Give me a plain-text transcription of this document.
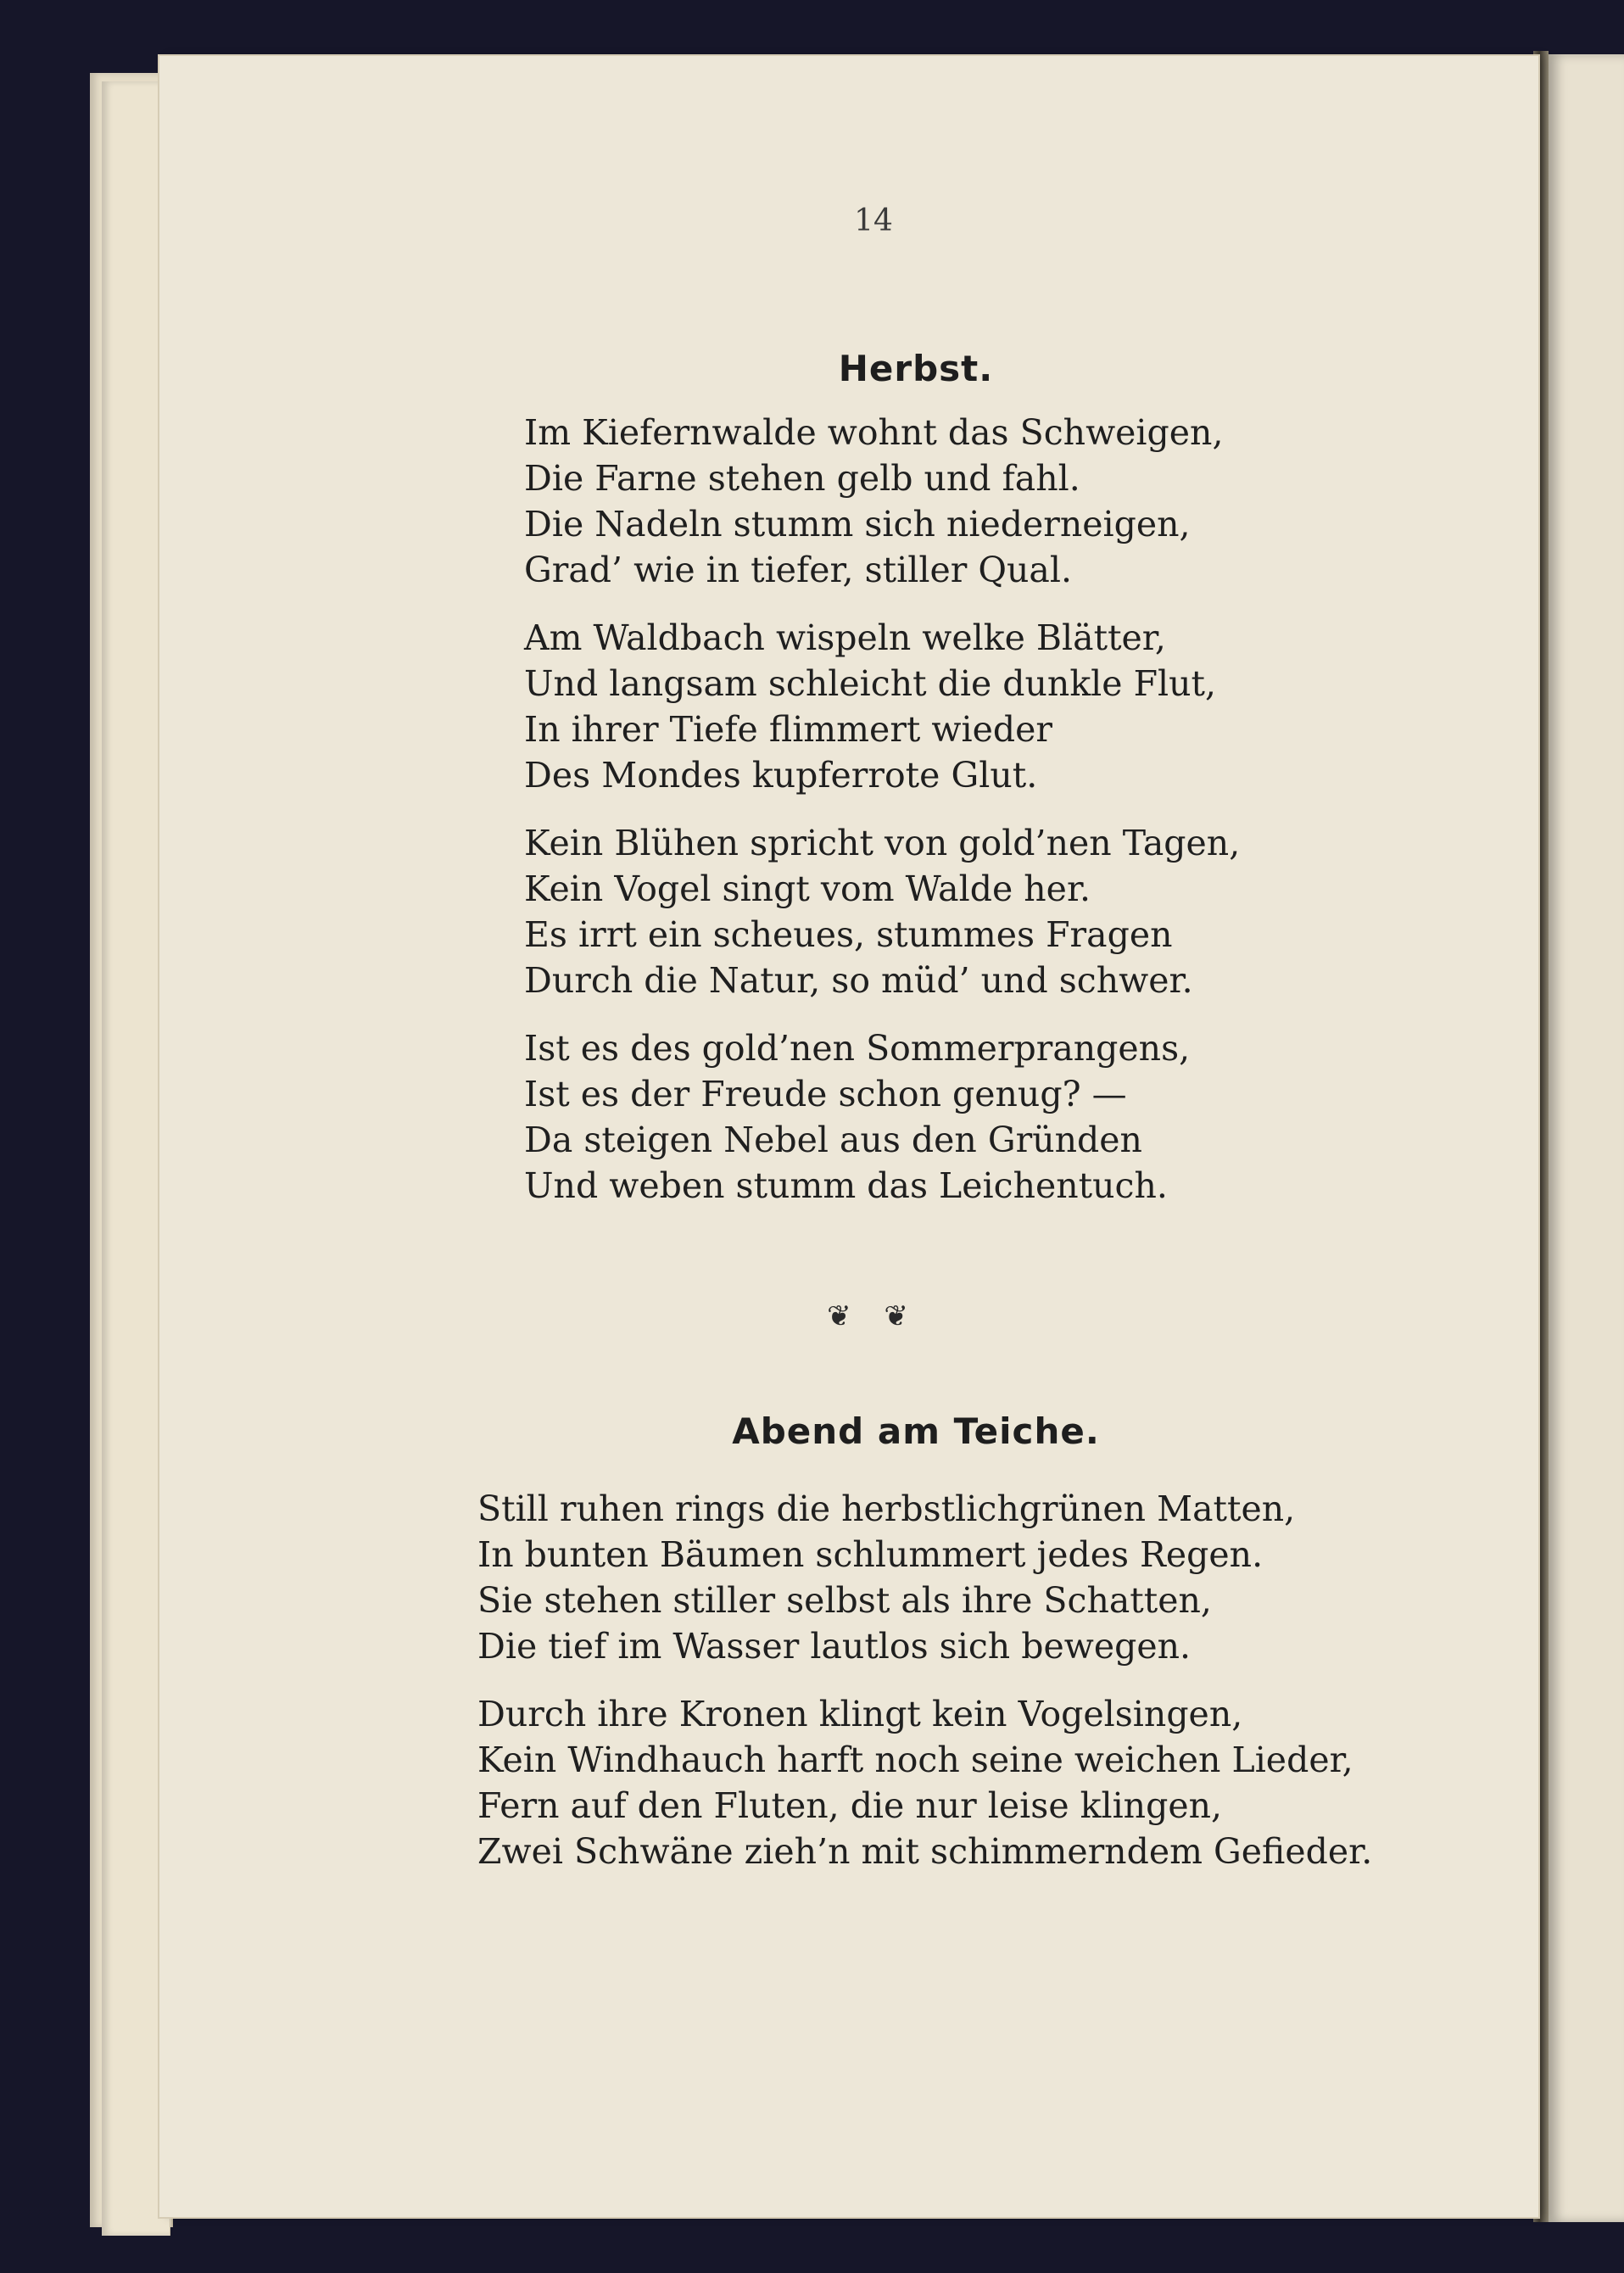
14
Herbst.
Im Kiefernwalde wohnt das Schweigen,
Die Farne stehen gelb und fahl.
Die Nadeln stumm sich niederneigen,
Grad’ wie in tiefer, stiller Qual.
Am Waldbach wispeln welke Blätter,
Und langsam schleicht die dunkle Flut,
In ihrer Tiefe flimmert wieder
Des Mondes kupferrote Glut.
Kein Blühen spricht von gold’nen Tagen,
Kein Vogel singt vom Walde her.
Es irrt ein scheues, stummes Fragen
Durch die Natur, so müd’ und schwer.
Ist es des gold’nen Sommerprangens,
Ist es der Freude schon genug? —
Da steigen Nebel aus den Gründen
Und weben stumm das Leichentuch.
❦ ❦
Abend am Teiche.
Still ruhen rings die herbstlichgrünen Matten,
In bunten Bäumen schlummert jedes Regen.
Sie stehen stiller selbst als ihre Schatten,
Die tief im Wasser lautlos sich bewegen.
Durch ihre Kronen klingt kein Vogelsingen,
Kein Windhauch harft noch seine weichen Lieder,
Fern auf den Fluten, die nur leise klingen,
Zwei Schwäne zieh’n mit schimmerndem Gefieder.
